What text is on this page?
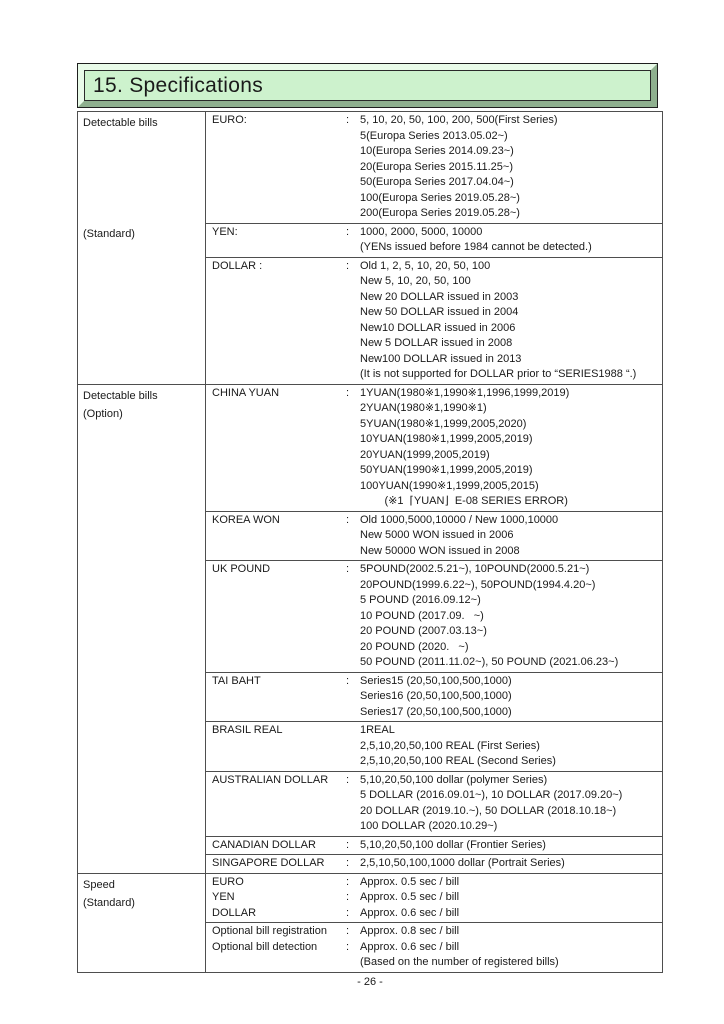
15. Specifications
Detectable bills
(Standard)
EURO:	: 5, 10, 20, 50, 100, 200, 500(First Series)
5(Europa Series 2013.05.02~)
10(Europa Series 2014.09.23~)
20(Europa Series 2015.11.25~)
50(Europa Series 2017.04.04~)
100(Europa Series 2019.05.28~)
200(Europa Series 2019.05.28~)
YEN:	: 1000, 2000, 5000, 10000
(YENs issued before 1984 cannot be detected.)
DOLLAR :	: Old 1, 2, 5, 10, 20, 50, 100
New 5, 10, 20, 50, 100
New 20 DOLLAR issued in 2003
New 50 DOLLAR issued in 2004
New10 DOLLAR issued in 2006
New 5 DOLLAR issued in 2008
New100 DOLLAR issued in 2013
(It is not supported for DOLLAR prior to “SERIES1988 “.)
Detectable bills
(Option)
CHINA YUAN	: 1YUAN(1980※1,1990※1,1996,1999,2019)
2YUAN(1980※1,1990※1)
5YUAN(1980※1,1999,2005,2020)
10YUAN(1980※1,1999,2005,2019)
20YUAN(1999,2005,2019)
50YUAN(1990※1,1999,2005,2019)
100YUAN(1990※1,1999,2005,2015)
(※1  ⌈YUAN⌋  E-08 SERIES ERROR)
KOREA WON	: Old 1000,5000,10000 / New 1000,10000
New 5000 WON issued in 2006
New 50000 WON issued in 2008
UK POUND	: 5POUND(2002.5.21~), 10POUND(2000.5.21~)
20POUND(1999.6.22~), 50POUND(1994.4.20~)
5 POUND (2016.09.12~)
10 POUND (2017.09.   ~)
20 POUND (2007.03.13~)
20 POUND (2020.   ~)
50 POUND (2011.11.02~), 50 POUND (2021.06.23~)
TAI BAHT	: Series15 (20,50,100,500,1000)
Series16 (20,50,100,500,1000)
Series17 (20,50,100,500,1000)
BRASIL REAL	1REAL
2,5,10,20,50,100 REAL (First Series)
2,5,10,20,50,100 REAL (Second Series)
AUSTRALIAN DOLLAR	: 5,10,20,50,100 dollar (polymer Series)
5 DOLLAR (2016.09.01~), 10 DOLLAR (2017.09.20~)
20 DOLLAR (2019.10.~), 50 DOLLAR (2018.10.18~)
100 DOLLAR (2020.10.29~)
CANADIAN DOLLAR	: 5,10,20,50,100 dollar (Frontier Series)
SINGAPORE DOLLAR	: 2,5,10,50,100,1000 dollar (Portrait Series)
Speed
(Standard)
EURO	: Approx. 0.5 sec / bill
YEN	: Approx. 0.5 sec / bill
DOLLAR	: Approx. 0.6 sec / bill
Optional bill registration	: Approx. 0.8 sec / bill
Optional bill detection	: Approx. 0.6 sec / bill
(Based on the number of registered bills)
- 26 -
